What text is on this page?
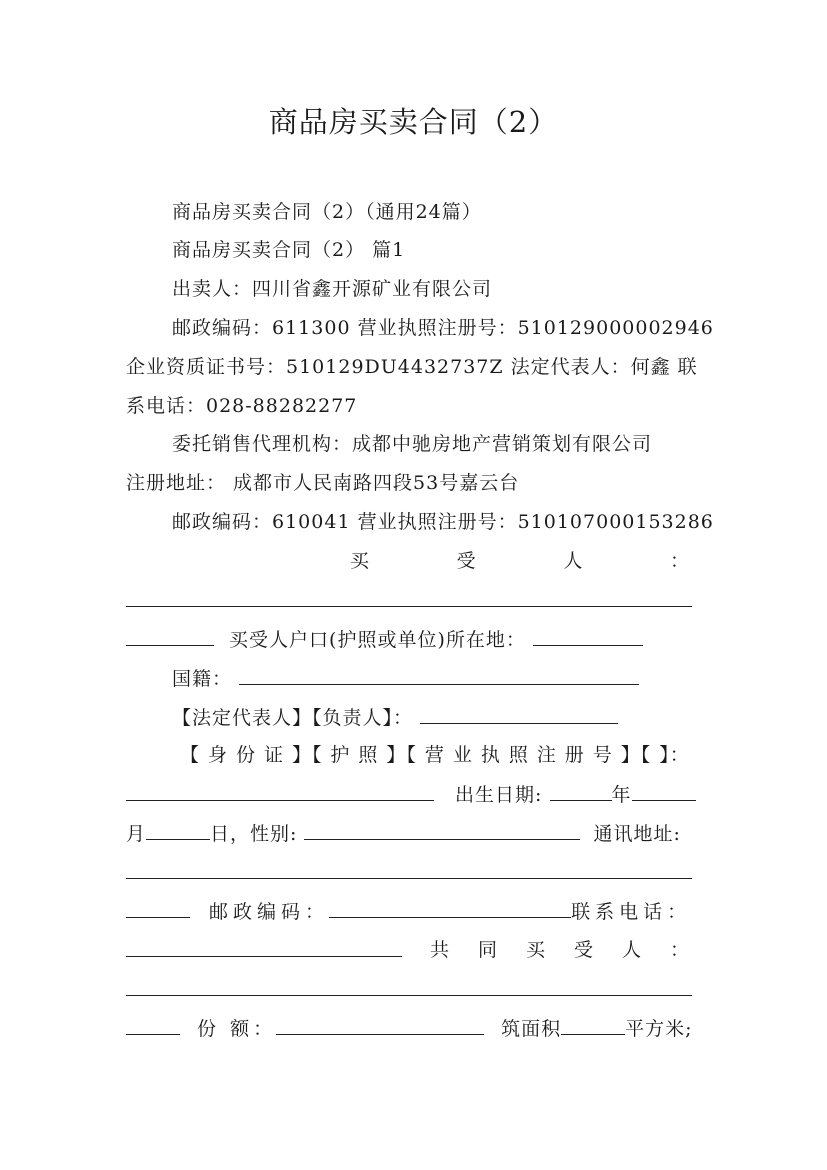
商品房买卖合同（2）
商品房买卖合同（2）（通用24篇）
商品房买卖合同（2） 篇1
出卖人：四川省鑫开源矿业有限公司
邮政编码：611300 营业执照注册号：510129000002946
企业资质证书号：510129DU4432737Z 法定代表人：何鑫 联
系电话：028-88282277
委托销售代理机构：成都中驰房地产营销策划有限公司
注册地址： 成都市人民南路四段53号嘉云台
邮政编码：610041 营业执照注册号：510107000153286
买	受	人	：
买受人户口(护照或单位)所在地：
国籍：
【法定代表人】【负责人】：
【 身 份 证 】【 护 照 】【 营 业 执 照 注 册 号 】【 】：
出生日期:	年
月	日，性别:	通讯地址:
邮政编码：	联系电话：
共 同 买 受 人 ：
份 额：	筑面积	平方米;
